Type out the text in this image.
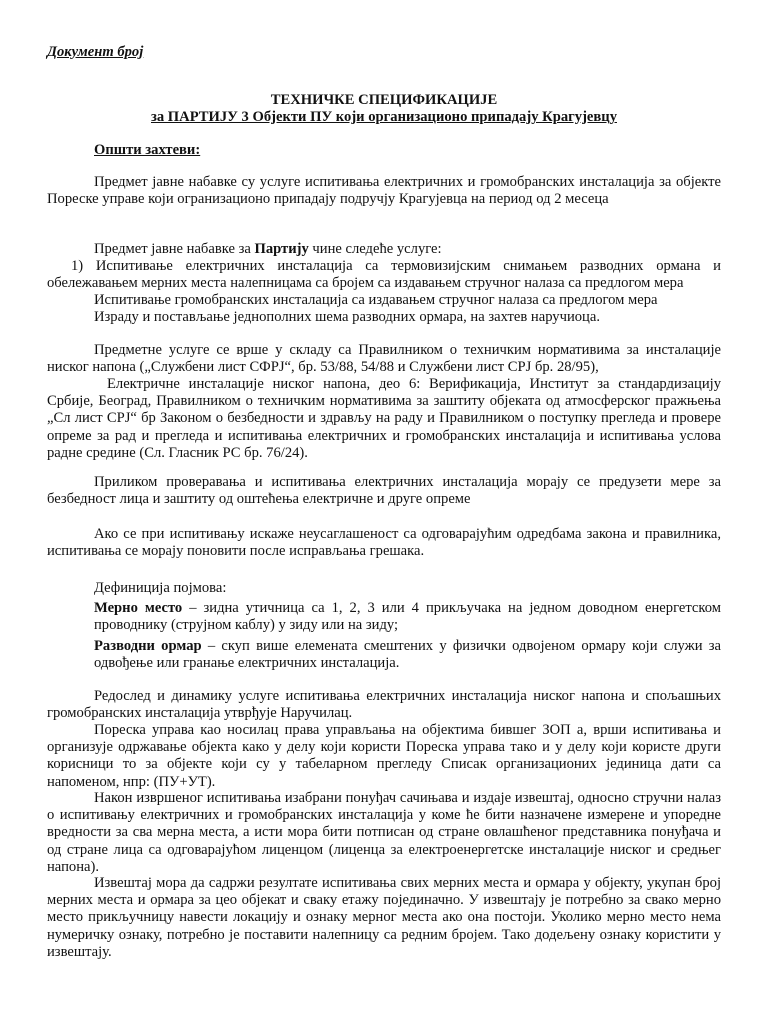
Документ број
ТЕХНИЧКЕ СПЕЦИФИКАЦИЈЕ
за ПАРТИЈУ 3 Објекти ПУ који организационо припадају Крагујевцу
Општи захтеви:
Предмет јавне набавке су услуге испитивања електричних и громобранских инсталација за објекте Пореске управе који огранизационо припадају подручју Крагујевца на период од 2 месеца
Предмет јавне набавке за Партију чине следеће услуге:
1) Испитивање електричних инсталација са термовизијским снимањем разводних ормана и обележавањем мерних места налепницама са бројем са издавањем стручног налаза са предлогом мера
Испитивање громобранских инсталација са издавањем стручног налаза са предлогом мера
Израду и постављање једнополних шема разводних ормара, на захтев наручиоца.
Предметне услуге се врше у складу са Правилником о техничким нормативима за инсталације ниског напона („Службени лист СФРЈ“, бр. 53/88, 54/88 и Службени лист СРЈ бр. 28/95),
Електричне инсталације ниског напона, део 6: Верификација, Институт за стандардизацију Србије, Београд, Правилником о техничким нормативима за заштиту објеката од атмосферског пражњења „Сл лист СРЈ“ бр Законом о безбедности и здрављу на раду и Правилником о поступку прегледа и провере опреме за рад и прегледа и испитивања електричних и громобранских инсталација и испитивања услова радне средине (Сл. Гласник РС бр. 76/24).
Приликом проверавања и испитивања електричних инсталација морају се предузети мере за безбедност лица и заштиту од оштећења електричне и друге опреме
Ако се при испитивању искаже неусаглашеност са одговарајућим одредбама закона и правилника, испитивања се морају поновити после исправљања грешака.
Дефиниција појмова:
Мерно место – зидна утичница са 1, 2, 3 или 4 прикључака на једном доводном енергетском проводнику (струјном каблу) у зиду или на зиду;
Разводни ормар – скуп више елемената смештених у физички одвојеном ормару који служи за одвођење или гранање електричних инсталација.
Редослед и динамику услуге испитивања електричних инсталација ниског напона и спољашњих громобранских инсталација утврђује Наручилац.
Пореска управа као носилац права управљања на објектима бившег ЗОП а, врши испитивања и организује одржавање објекта како у делу који користи Пореска управа тако и у делу који користе други корисници то за објекте који су у табеларном прегледу Списак организационих јединица дати са напоменом, нпр: (ПУ+УТ).
Након извршеног испитивања изабрани понуђач сачињава и издаје извештај, односно стручни налаз о испитивању електричних и громобранских инсталација у коме ће бити назначене измерене и упоредне вредности за сва мерна места, а исти мора бити потписан од стране овлашћеног представника понуђача и од стране лица са одговарајућом лиценцом (лиценца за електроенергетске инсталације ниског и средњег напона).
Извештај мора да садржи резултате испитивања свих мерних места и ормара у објекту, укупан број мерних места и ормара за цео објекат и сваку етажу појединачно. У извештају је потребно за свако мерно место прикључницу навести локацију и ознаку мерног места ако она постоји. Уколико мерно место нема нумеричку ознаку, потребно је поставити налепницу са редним бројем. Тако додељену ознаку користити у извештају.
